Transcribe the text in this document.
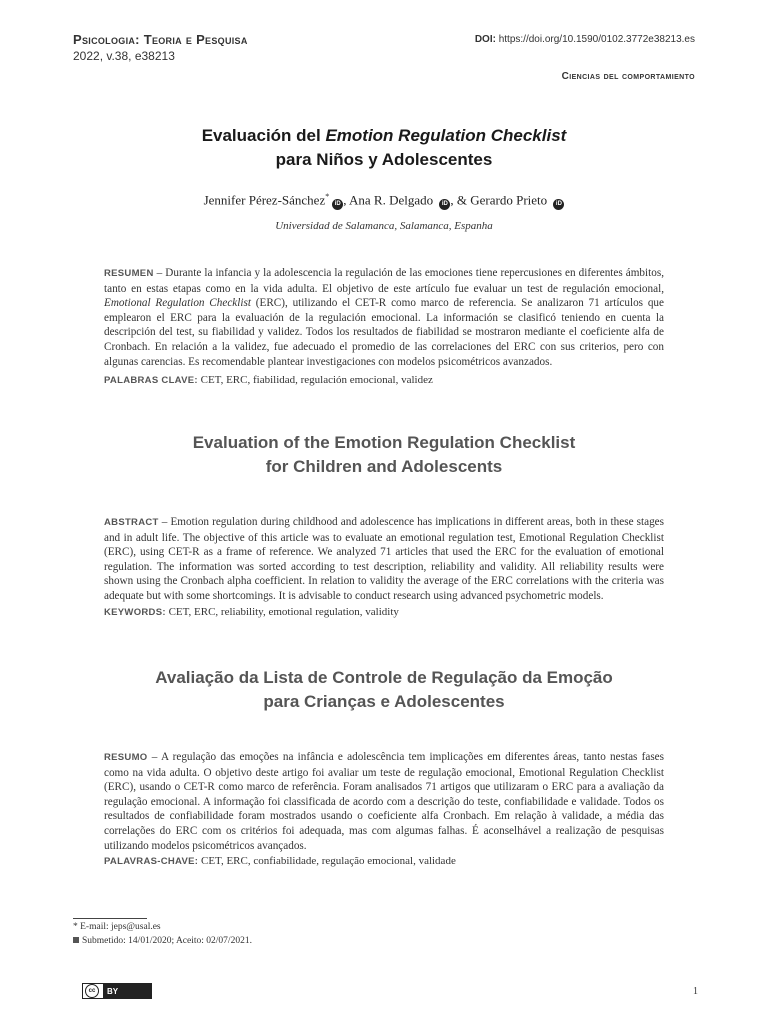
Psicologia: Teoria e Pesquisa
2022, v.38, e38213
DOI: https://doi.org/10.1590/0102.3772e38213.es
Ciencias del comportamiento
Evaluación del Emotion Regulation Checklist
para Niños y Adolescentes
Jennifer Pérez-Sánchez*iD , Ana R. Delgado iD , & Gerardo Prieto iD
Universidad de Salamanca, Salamanca, Espanha
RESUMEN – Durante la infancia y la adolescencia la regulación de las emociones tiene repercusiones en diferentes ámbitos, tanto en estas etapas como en la vida adulta. El objetivo de este artículo fue evaluar un test de regulación emocional, Emotional Regulation Checklist (ERC), utilizando el CET-R como marco de referencia. Se analizaron 71 artículos que emplearon el ERC para la evaluación de la regulación emocional. La información se clasificó teniendo en cuenta la descripción del test, su fiabilidad y validez. Todos los resultados de fiabilidad se mostraron mediante el coeficiente alfa de Cronbach. En relación a la validez, fue adecuado el promedio de las correlaciones del ERC con sus criterios, pero con algunas carencias. Es recomendable plantear investigaciones con modelos psicométricos avanzados.
PALABRAS CLAVE: CET, ERC, fiabilidad, regulación emocional, validez
Evaluation of the Emotion Regulation Checklist
for Children and Adolescents
ABSTRACT – Emotion regulation during childhood and adolescence has implications in different areas, both in these stages and in adult life. The objective of this article was to evaluate an emotional regulation test, Emotional Regulation Checklist (ERC), using CET-R as a frame of reference. We analyzed 71 articles that used the ERC for the evaluation of emotional regulation. The information was sorted according to test description, reliability and validity. All reliability results were shown using the Cronbach alpha coefficient. In relation to validity the average of the ERC correlations with the criteria was adequate but with some shortcomings. It is advisable to conduct research using advanced psychometric models.
KEYWORDS: CET, ERC, reliability, emotional regulation, validity
Avaliação da Lista de Controle de Regulação da Emoção
para Crianças e Adolescentes
RESUMO – A regulação das emoções na infância e adolescência tem implicações em diferentes áreas, tanto nestas fases como na vida adulta. O objetivo deste artigo foi avaliar um teste de regulação emocional, Emotional Regulation Checklist (ERC), usando o CET-R como marco de referência. Foram analisados 71 artigos que utilizaram o ERC para a avaliação da regulação emocional. A informação foi classificada de acordo com a descrição do teste, confiabilidade e validade. Todos os resultados de confiabilidade foram mostrados usando o coeficiente alfa Cronbach. Em relação à validade, a média das correlações do ERC com os critérios foi adequada, mas com algumas falhas. É aconselhável a realização de pesquisas utilizando modelos psicométricos avançados.
PALAVRAS-CHAVE: CET, ERC, confiabilidade, regulação emocional, validade
* E-mail: jeps@usal.es
Submetido: 14/01/2020; Aceito: 02/07/2021.
cc	BY	1
